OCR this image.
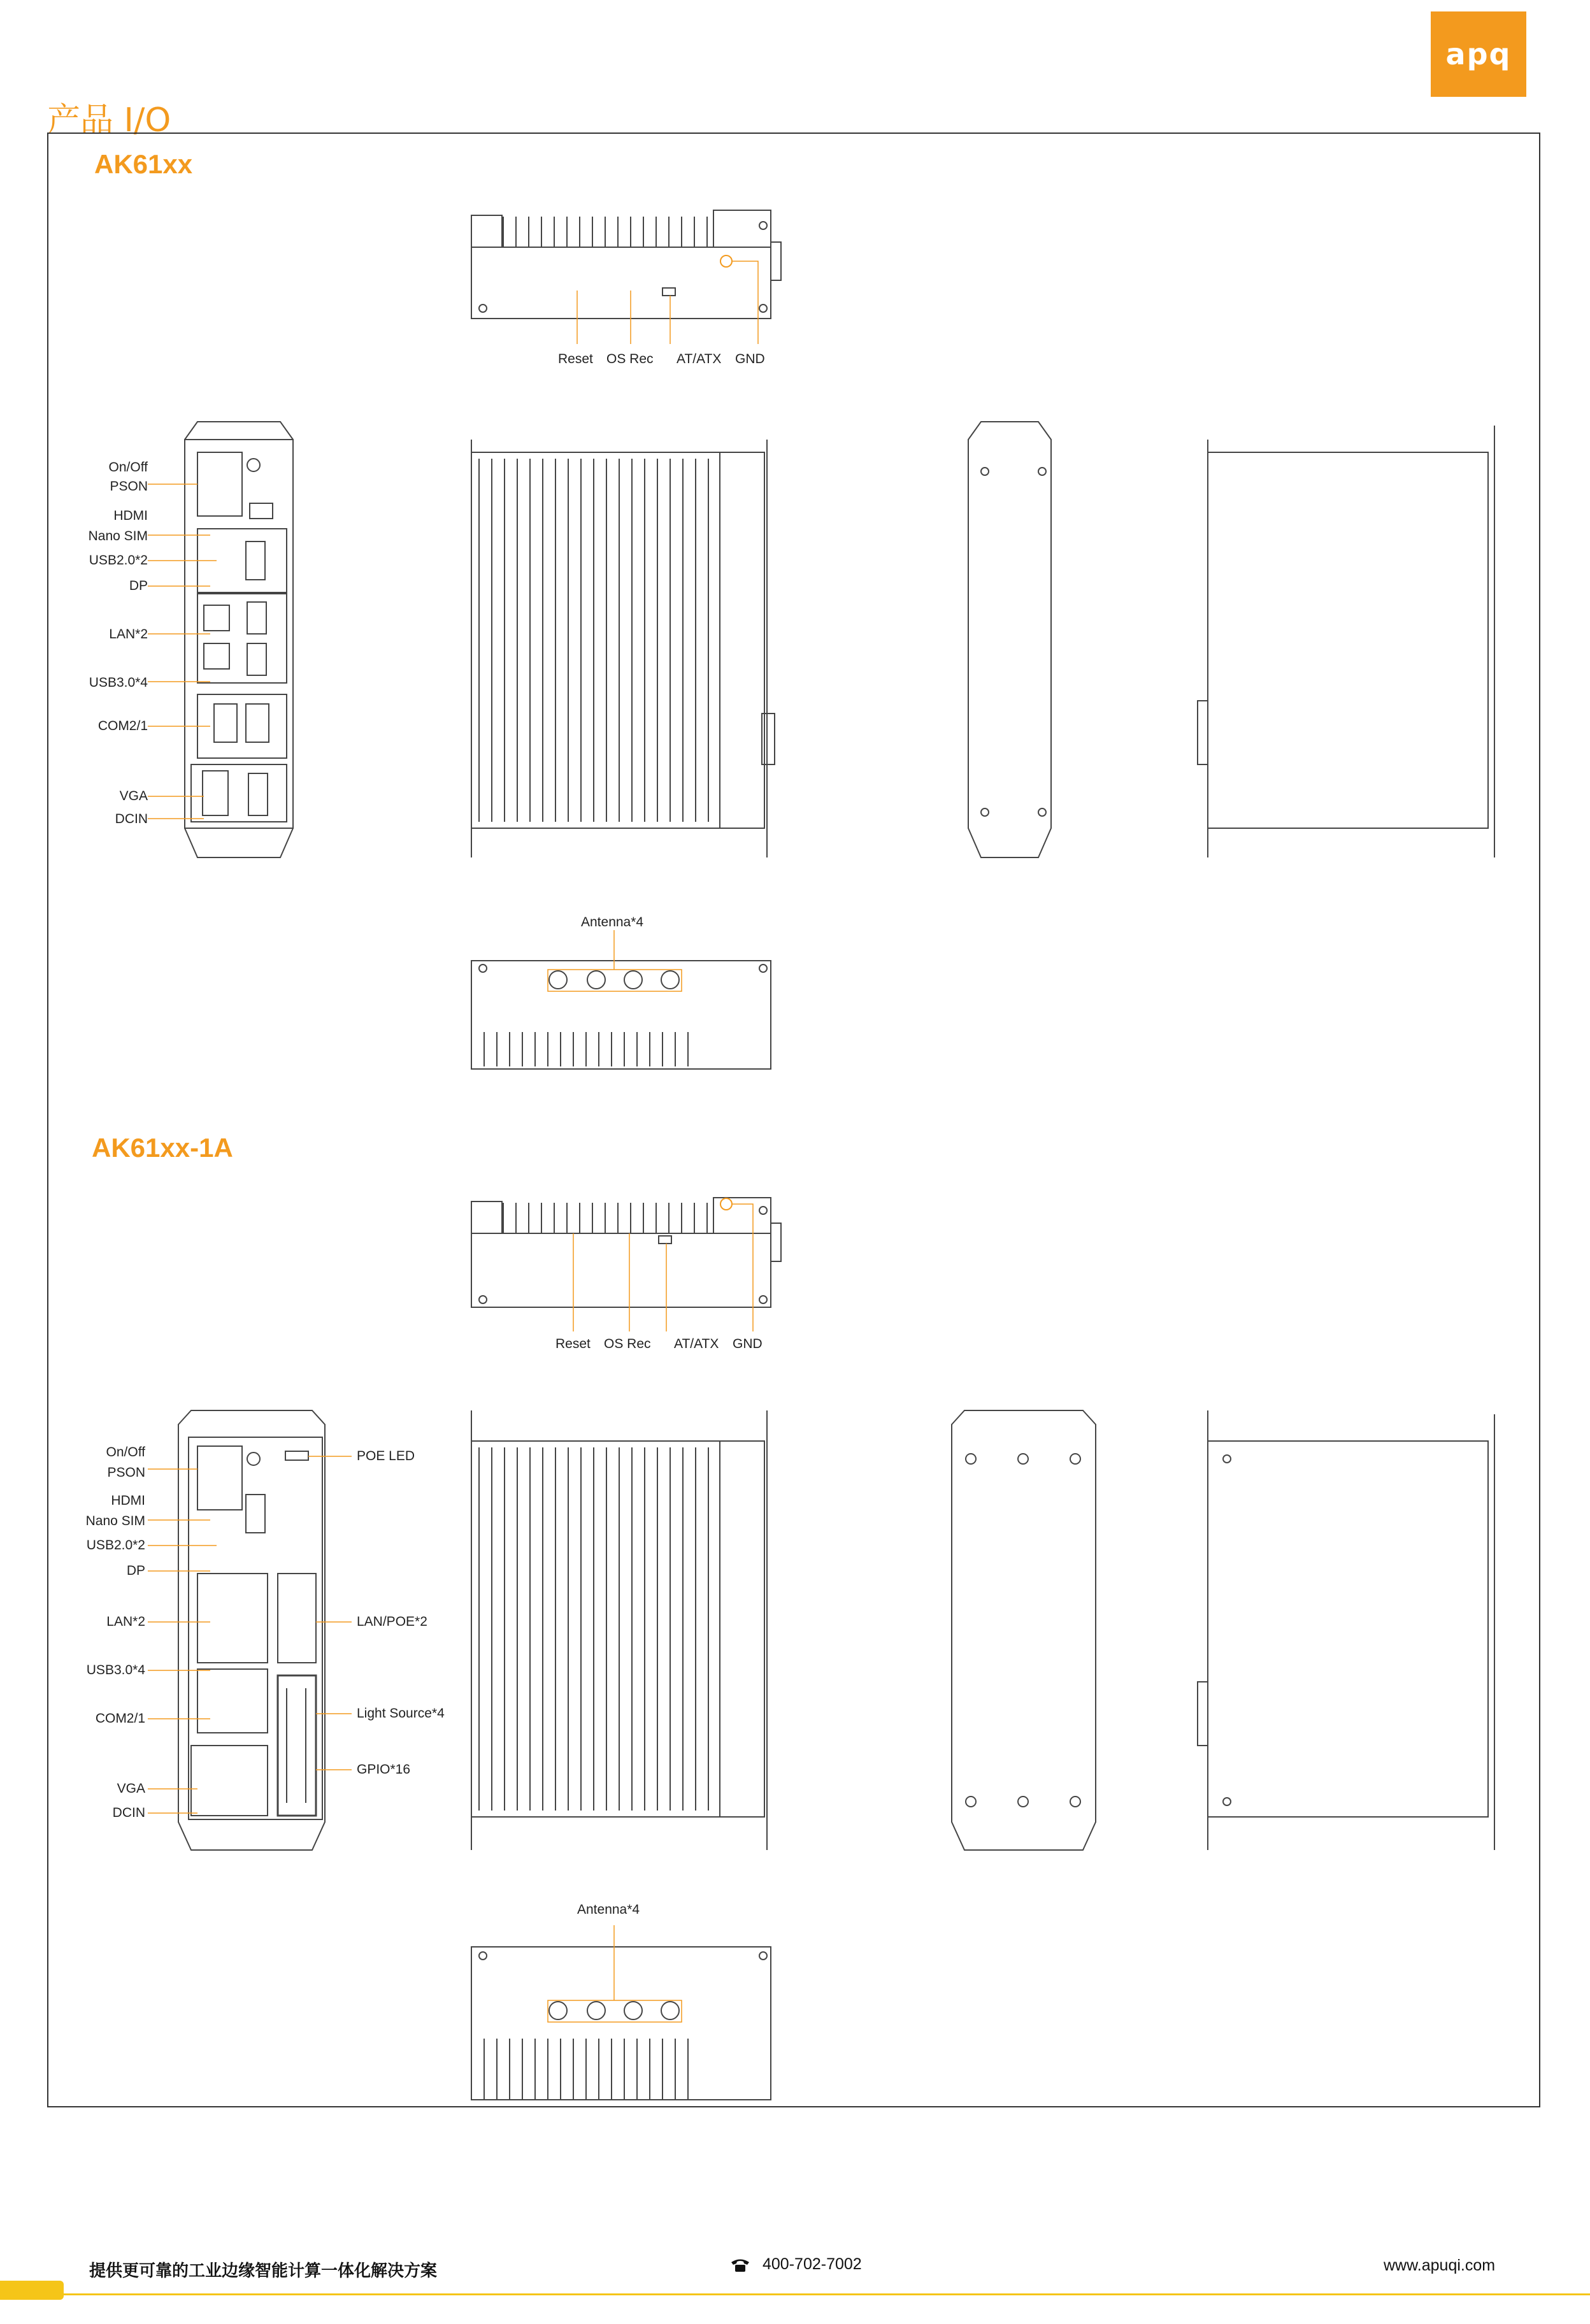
apq
产品 I/O
AK61xx
Reset OS Rec AT/ATX GND
On/Off
PSON
HDMI
Nano SIM
USB2.0*2
DP
LAN*2
USB3.0*4
COM2/1
VGA
DCIN
Antenna*4
AK61xx-1A
Reset OS Rec AT/ATX GND
On/Off
PSON
HDMI
Nano SIM
USB2.0*2
DP
LAN*2
USB3.0*4
COM2/1
VGA
DCIN
POE LED
LAN/POE*2
Light Source*4
GPIO*16
Antenna*4
提供更可靠的工业边缘智能计算一体化解决方案	400-702-7002	www.apuqi.com
